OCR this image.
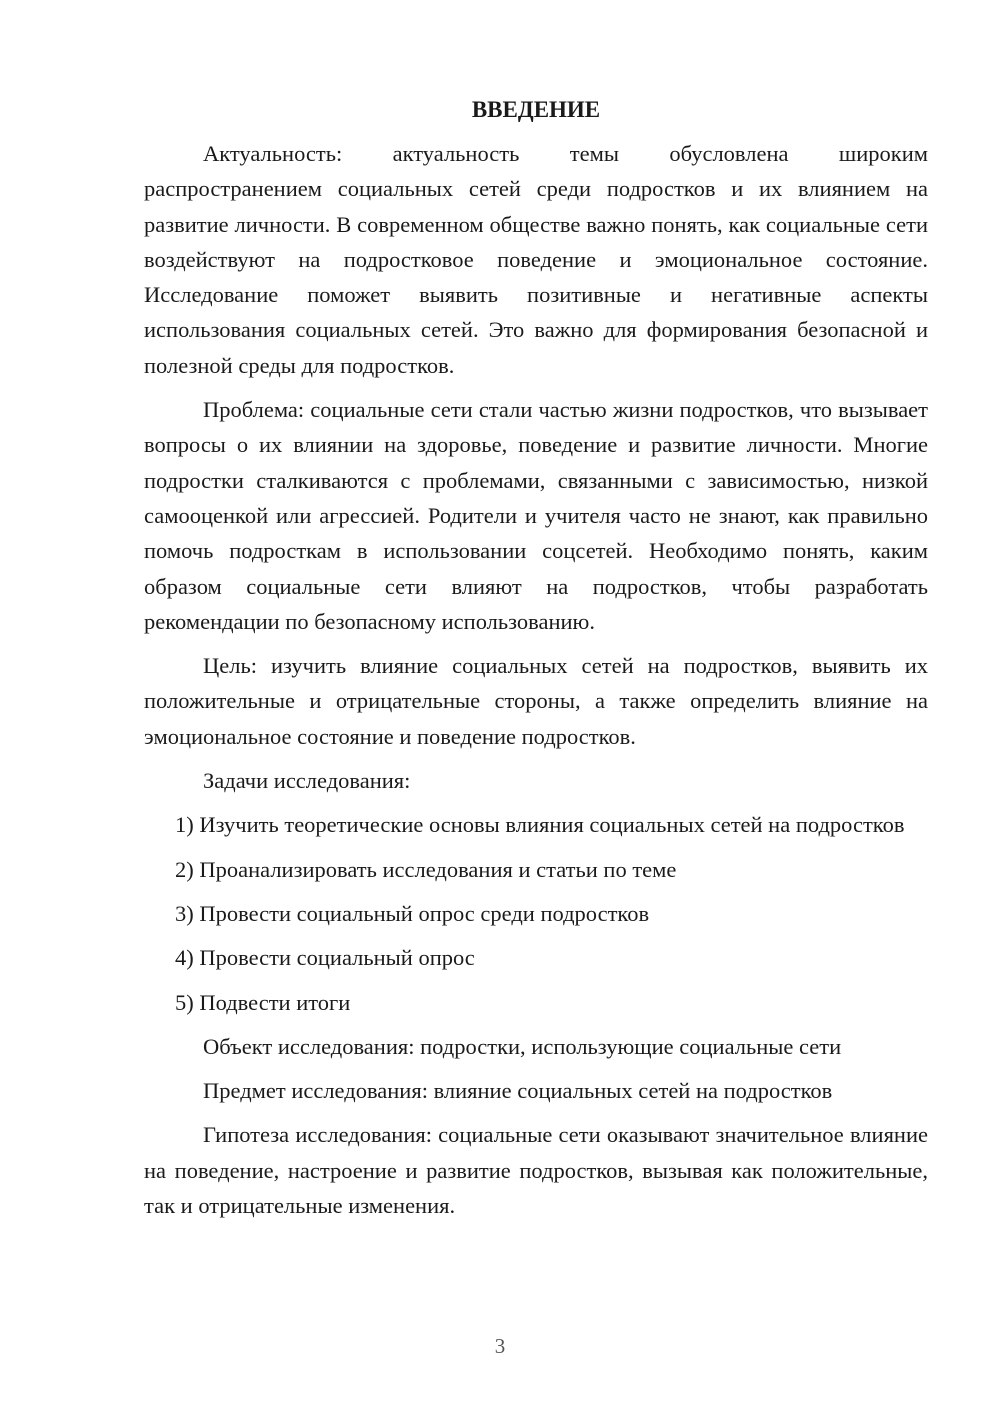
ВВЕДЕНИЕ

Актуальность: актуальность темы обусловлена широким распространением социальных сетей среди подростков и их влиянием на развитие личности. В современном обществе важно понять, как социальные сети воздействуют на подростковое поведение и эмоциональное состояние. Исследование поможет выявить позитивные и негативные аспекты использования социальных сетей. Это важно для формирования безопасной и полезной среды для подростков.

Проблема: социальные сети стали частью жизни подростков, что вызывает вопросы о их влиянии на здоровье, поведение и развитие личности. Многие подростки сталкиваются с проблемами, связанными с зависимостью, низкой самооценкой или агрессией. Родители и учителя часто не знают, как правильно помочь подросткам в использовании соцсетей. Необходимо понять, каким образом социальные сети влияют на подростков, чтобы разработать рекомендации по безопасному использованию.

Цель: изучить влияние социальных сетей на подростков, выявить их положительные и отрицательные стороны, а также определить влияние на эмоциональное состояние и поведение подростков.

Задачи исследования:

1) Изучить теоретические основы влияния социальных сетей на подростков

2) Проанализировать исследования и статьи по теме

3) Провести социальный опрос среди подростков

4) Провести социальный опрос

5) Подвести итоги

Объект исследования: подростки, использующие социальные сети

Предмет исследования: влияние социальных сетей на подростков

Гипотеза исследования: социальные сети оказывают значительное влияние на поведение, настроение и развитие подростков, вызывая как положительные, так и отрицательные изменения.

3
